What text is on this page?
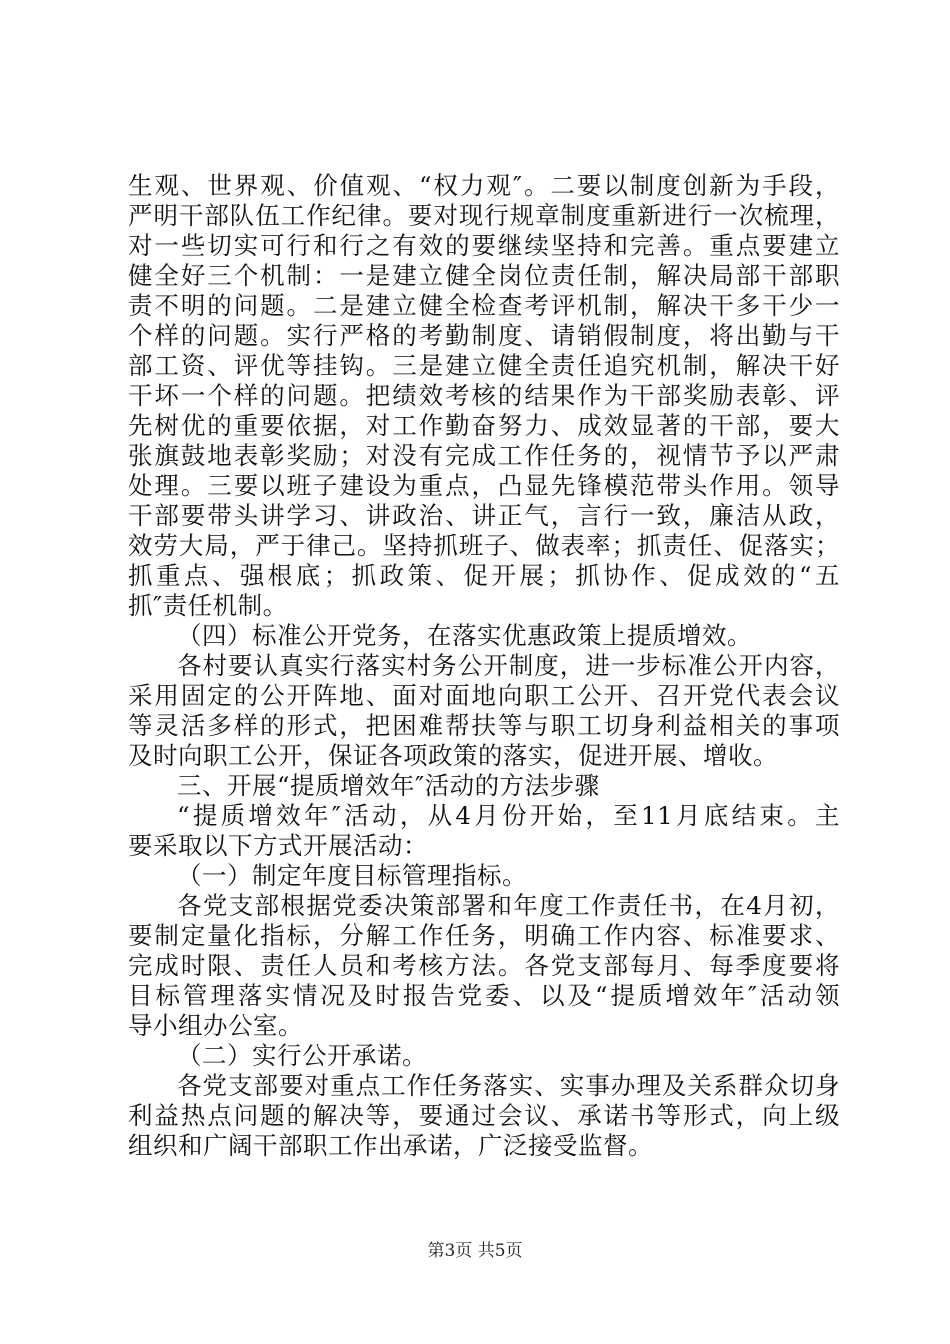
生观、世界观、价值观、“权力观″。二要以制度创新为手段，
严明干部队伍工作纪律。要对现行规章制度重新进行一次梳理，
对一些切实可行和行之有效的要继续坚持和完善。重点要建立
健全好三个机制：一是建立健全岗位责任制，解决局部干部职
责不明的问题。二是建立健全检查考评机制，解决干多干少一
个样的问题。实行严格的考勤制度、请销假制度，将出勤与干
部工资、评优等挂钩。三是建立健全责任追究机制，解决干好
干坏一个样的问题。把绩效考核的结果作为干部奖励表彰、评
先树优的重要依据，对工作勤奋努力、成效显著的干部，要大
张旗鼓地表彰奖励；对没有完成工作任务的，视情节予以严肃
处理。三要以班子建设为重点，凸显先锋模范带头作用。领导
干部要带头讲学习、讲政治、讲正气，言行一致，廉洁从政，
效劳大局，严于律己。坚持抓班子、做表率；抓责任、促落实；
抓重点、强根底；抓政策、促开展；抓协作、促成效的“五
抓″责任机制。
（四）标准公开党务，在落实优惠政策上提质增效。
各村要认真实行落实村务公开制度，进一步标准公开内容，
采用固定的公开阵地、面对面地向职工公开、召开党代表会议
等灵活多样的形式，把困难帮扶等与职工切身利益相关的事项
及时向职工公开，保证各项政策的落实，促进开展、增收。
三、开展“提质增效年″活动的方法步骤
“提质增效年″活动，从4月份开始，至11月底结束。主
要采取以下方式开展活动：
（一）制定年度目标管理指标。
各党支部根据党委决策部署和年度工作责任书，在4月初，
要制定量化指标，分解工作任务，明确工作内容、标准要求、
完成时限、责任人员和考核方法。各党支部每月、每季度要将
目标管理落实情况及时报告党委、以及“提质增效年″活动领
导小组办公室。
（二）实行公开承诺。
各党支部要对重点工作任务落实、实事办理及关系群众切身
利益热点问题的解决等，要通过会议、承诺书等形式，向上级
组织和广阔干部职工作出承诺，广泛接受监督。
第3页 共5页
